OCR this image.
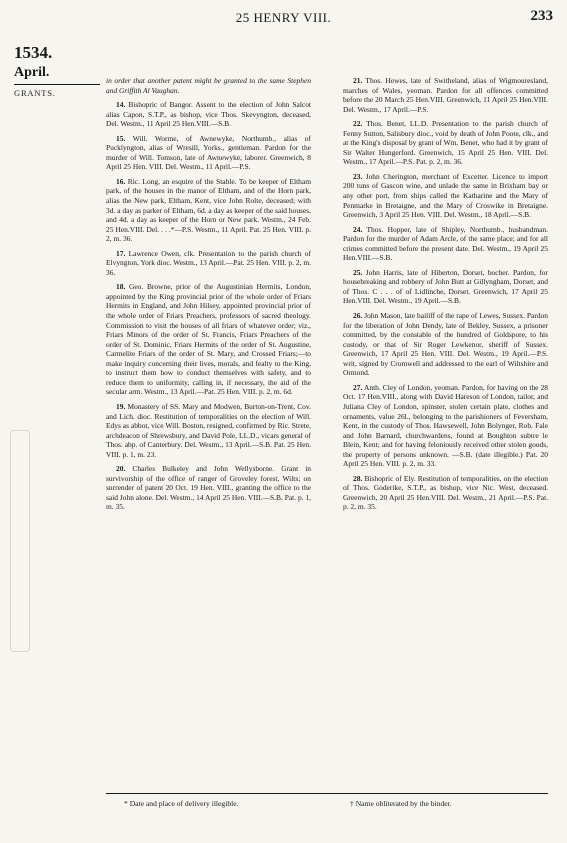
25 HENRY VIII.	233
1534.
April.
GRANTS.

in order that another patent might be granted to the same Stephen and Griffith Al Vaughan.

14. Bishopric of Bangor. Assent to the election of John Salcot alias Capon, S.T.P., as bishop, vice Thos. Skevyngton, deceased, Del. Westm., 11 April 25 Hen.VIII.—S.B.

15. Will. Worme, of Awnewyke, Northumb., alias of Pucklyngton, alias of Wresill, Yorks., gentleman. Pardon for the murder of Will. Tomson, late of Awnewyke, laborer. Greenwich, 8 April 25 Hen. VIII. Del. Westm., 11 April.—P.S.

16. Ric. Long, an esquire of the Stable. To be keeper of Eltham park, of the houses in the manor of Eltham, and of the Horn park, alias the New park, Eltham, Kent, vice John Rolte, deceased; with 3d. a day as parker of Eltham, 6d. a day as keeper of the said houses, and 4d. a day as keeper of the Horn or New park. Westm., 24 Feb. 25 Hen.VIII. Del. . . .*—P.S. Westm., 11 April. Pat. 25 Hen. VIII. p. 2, m. 36.

17. Lawrence Owen, clk. Presentation to the parish church of Elvyngton, York dioc. Westm., 13 April.—Pat. 25 Hen. VIII. p. 2, m. 36.

18. Geo. Browne, prior of the Augustinian Hermits, London, appointed by the King provincial prior of the whole order of Friars Hermits in England, and John Hilsey, appointed provincial prior of the whole order of Friars Preachers, professors of sacred theology. Commission to visit the houses of all friars of whatever order; viz., Friars Minors of the order of St. Francis, Friars Preachers of the order of St. Dominic, Friars Hermits of the order of St. Augustine, Carmelite Friars of the order of St. Mary, and Crossed Friars;—to make inquiry concerning their lives, morals, and fealty to the King, to instruct them how to conduct themselves with safety, and to reduce them to uniformity, calling in, if necessary, the aid of the secular arm. Westm., 13 April.—Pat. 25 Hen. VIII. p. 2, m. 6d.

19. Monastery of SS. Mary and Modwen, Burton-on-Trent, Cov. and Lich. dioc. Restitution of temporalities on the election of Will. Edys as abbot, vice Will. Boston, resigned, confirmed by Ric. Strete, archdeacon of Shrewsbury, and David Pole, LL.D., vicars general of Thos. abp. of Canterbury. Del. Westm., 13 April.—S.B. Pat. 25 Hen. VIII. p. 1, m. 23.

20. Charles Bulkeley and John Wellysborne. Grant in survivorship of the office of ranger of Groveley forest, Wilts; on surrender of patent 20 Oct. 19 Hen. VIII., granting the office to the said John alone. Del. Westm., 14 April 25 Hen. VIII.—S.B. Pat. p. 1, m. 35.

21. Thos. Hewes, late of Switheland, alias of Wigmouresland, marches of Wales, yeoman. Pardon for all offences committed before the 20 March 25 Hen.VIII. Greenwich, 11 April 25 Hen.VIII. Del. Westm., 17 April.—P.S.

22. Thos. Benet, LL.D. Presentation to the parish church of Fenny Sutton, Salisbury dioc., void by death of John Poote, clk., and at the King's disposal by grant of Wm. Benet, who had it by grant of Sir Walter Hungerford. Greenwich, 15 April 25 Hen. VIII. Del. Westm., 17 April.—P.S. Pat. p. 2, m. 36.

23. John Cherington, merchant of Excetter. Licence to import 200 tuns of Gascon wine, and unlade the same in Brixham bay or any other port, from ships called the Katharine and the Mary of Penmarke in Bretaigne, and the Mary of Croswike in Bretaigne. Greenwich, 3 April 25 Hen. VIII. Del. Westm., 18 April.—S.B.

24. Thos. Hopper, late of Shipley, Northumb., husbandman. Pardon for the murder of Adam Arcle, of the same place; and for all crimes committed before the present date. Del. Westm., 19 April 25 Hen.VIII.—S.B.

25. John Harris, late of Hiberton, Dorset, bocher. Pardon, for housebreaking and robbery of John Butt at Gillyngham, Dorset, and of Thos. C . . . of of Lidlinche, Dorset. Greenwich, 17 April 25 Hen.VIII. Del. Westm., 19 April.—S.B.

26. John Mason, late bailiff of the rape of Lewes, Sussex. Pardon for the liberation of John Dendy, late of Bekley, Sussex, a prisoner committed, by the constable of the hundred of Goldspore, to his custody, or that of Sir Roger Lewkenor, sheriff of Sussex. Greenwich, 17 April 25 Hen. VIII. Del. Westm., 19 April.—P.S. writ, signed by Cromwell and addressed to the earl of Wiltshire and Ormond.

27. Anth. Cley of London, yeoman. Pardon, for having on the 28 Oct. 17 Hen.VIII., along with David Hareson of London, tailor, and Juliana Cley of London, spinster, stolen certain plate, clothes and ornaments, value 26l., belonging to the parishioners of Feversham, Kent, in the custody of Thos. Hawsewell, John Bolynger, Rob. Fale and John Barnard, churchwardens, found at Boughton subtre le Blein, Kent; and for having feloniously received other stolen goods, the property of persons unknown. —S.B. (date illegible.) Pat. 20 April 25 Hen. VIII. p. 2, m. 33.

28. Bishopric of Ely. Restitution of temporalities, on the election of Thos. Goderike, S.T.P., as bishop, vice Nic. West, deceased. Greenwich, 20 April 25 Hen.VIII. Del. Westm., 21 April.—P.S. Pat. p. 2, m. 35.

* Date and place of delivery illegible.	† Name obliterated by the binder.
